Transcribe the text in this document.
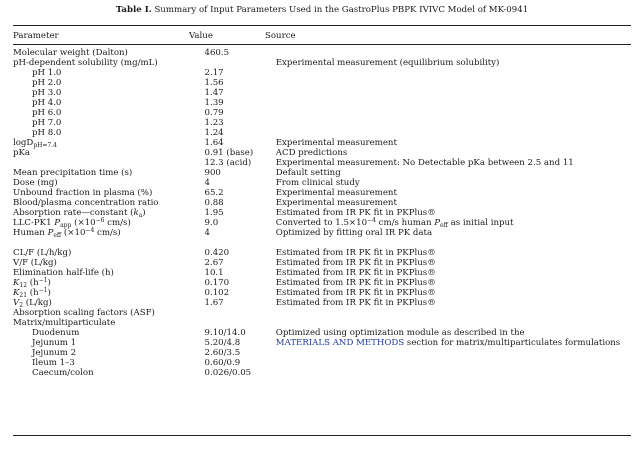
Table I. Summary of Input Parameters Used in the GastroPlus PBPK IVIVC Model of MK-0941
Parameter	Value	Source
Molecular weight (Dalton)	460.5	
pH-dependent solubility (mg/mL)		Experimental measurement (equilibrium solubility)
pH 1.0	2.17	
pH 2.0	1.56	
pH 3.0	1.47	
pH 4.0	1.39	
pH 6.0	0.79	
pH 7.0	1.23	
pH 8.0	1.24	
logD$_{pH=7.4}$	1.64	Experimental measurement
pKa	0.91 (base)	ACD predictions
	12.3 (acid)	Experimental measurement: No Detectable pKa between 2.5 and 11
Mean precipitation time (s)	900	Default setting
Dose (mg)	4	From clinical study
Unbound fraction in plasma (%)	65.2	Experimental measurement
Blood/plasma concentration ratio	0.88	Experimental measurement
Absorption rate—constant $(k_a)$	1.95	Estimated from IR PK fit in PKPlus®
LLC-PK1 $P_{app}$ ($\times 10^{-6}$ cm/s)	9.0	Converted to $1.5\times 10^{-4}$ cm/s human $P_{eff}$ as initial input
Human $P_{eff}$ ($\times 10^{-4}$ cm/s)	4	Optimized by fitting oral IR PK data

CL/F (L/h/kg)	0.420	Estimated from IR PK fit in PKPlus®
V/F (L/kg)	2.67	Estimated from IR PK fit in PKPlus®
Elimination half-life (h)	10.1	Estimated from IR PK fit in PKPlus®
$K_{12}$ $(h^{-1})$	0.170	Estimated from IR PK fit in PKPlus®
$K_{21}$ $(h^{-1})$	0.102	Estimated from IR PK fit in PKPlus®
$V_2$ (L/kg)	1.67	Estimated from IR PK fit in PKPlus®
Absorption scaling factors (ASF)		
Matrix/multiparticulate		
Duodenum	9.10/14.0	Optimized using optimization module as described in the
Jejunum 1	5.20/4.8	MATERIALS AND METHODS section for matrix/multiparticulates formulations
Jejunum 2	2.60/3.5	
Ileum 1–3	0.60/0.9	
Caecum/colon	0.026/0.05	
